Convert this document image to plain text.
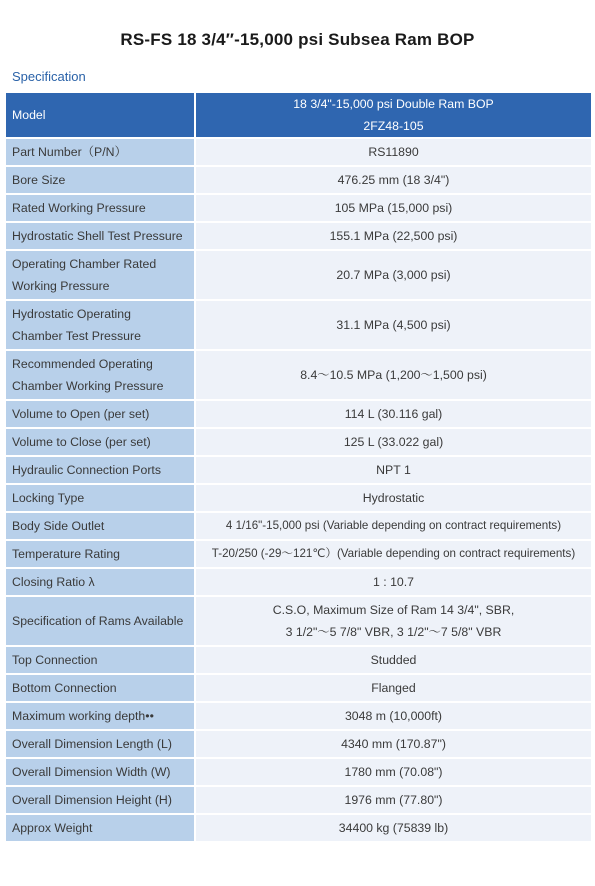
RS-FS 18 3/4″-15,000 psi Subsea Ram BOP
Specification
Model	18 3/4"-15,000 psi Double Ram BOP
2FZ48-105

Part Number（P/N）	RS11890
Bore Size	476.25 mm (18 3/4")
Rated Working Pressure	105 MPa (15,000 psi)
Hydrostatic Shell Test Pressure	155.1 MPa (22,500 psi)

Operating Chamber Rated
Working Pressure	20.7 MPa (3,000 psi)

Hydrostatic Operating
Chamber Test Pressure	31.1 MPa (4,500 psi)

Recommended Operating
Chamber Working Pressure	8.4～10.5 MPa (1,200～1,500 psi)
Volume to Open (per set)	114 L (30.116 gal)
Volume to Close (per set)	125 L (33.022 gal)
Hydraulic Connection Ports	NPT 1
Locking Type	Hydrostatic
Body Side Outlet	4 1/16"-15,000 psi (Variable depending on contract requirements)
Temperature Rating	T-20/250 (-29～121℃）(Variable depending on contract requirements)
Closing Ratio λ	1 : 10.7
Specification of Rams Available	C.S.O, Maximum Size of Ram 14 3/4", SBR,
3 1/2"～5 7/8" VBR, 3 1/2"～7 5/8" VBR

Top Connection	Studded
Bottom Connection	Flanged
Maximum working depth••	3048 m (10,000ft)
Overall Dimension Length (L)	4340 mm (170.87")
Overall Dimension Width (W)	1780 mm (70.08")
Overall Dimension Height (H)	1976 mm (77.80")
Approx Weight	34400 kg (75839 lb)
